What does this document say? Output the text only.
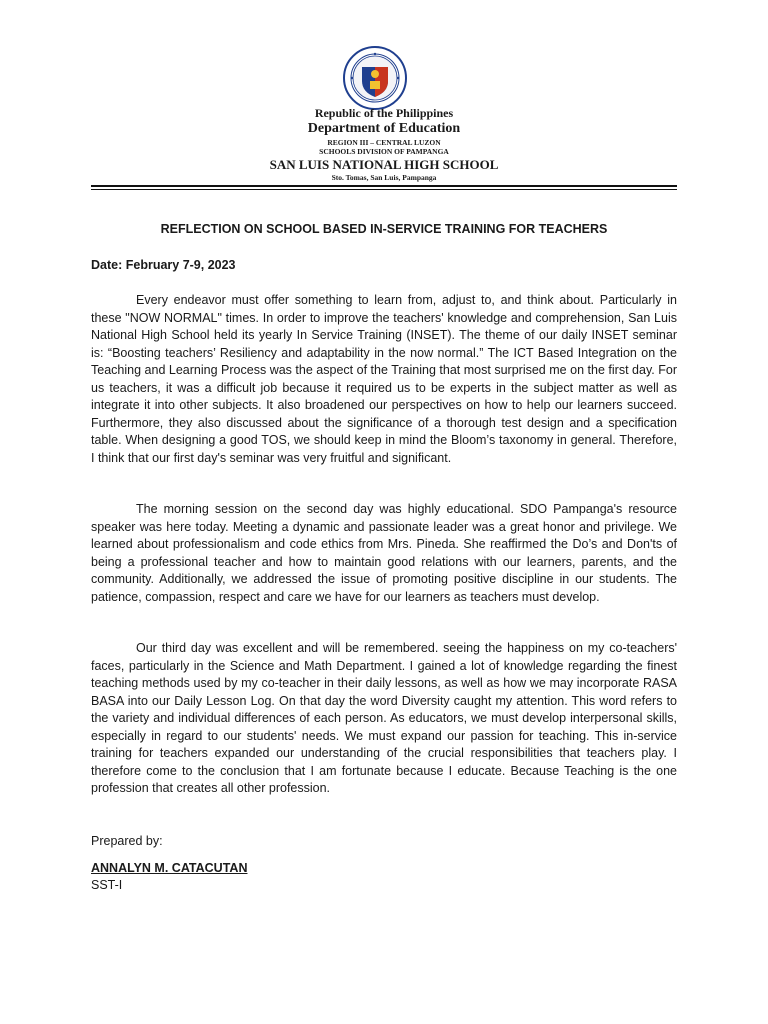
Republic of the Philippines
Department of Education
REGION III – CENTRAL LUZON
SCHOOLS DIVISION OF PAMPANGA
SAN LUIS NATIONAL HIGH SCHOOL
Sto. Tomas, San Luis, Pampanga
REFLECTION ON SCHOOL BASED IN-SERVICE TRAINING FOR TEACHERS
Date: February 7-9, 2023

Every endeavor must offer something to learn from, adjust to, and think about. Particularly in these "NOW NORMAL" times. In order to improve the teachers' knowledge and comprehension, San Luis National High School held its yearly In Service Training (INSET). The theme of our daily INSET seminar is: “Boosting teachers’ Resiliency and adaptability in the now normal.” The ICT Based Integration on the Teaching and Learning Process was the aspect of the Training that most surprised me on the first day. For us teachers, it was a difficult job because it required us to be experts in the subject matter as well as integrate it into other subjects. It also broadened our perspectives on how to help our learners succeed. Furthermore, they also discussed about the significance of a thorough test design and a specification table. When designing a good TOS, we should keep in mind the Bloom’s taxonomy in general. Therefore, I think that our first day's seminar was very fruitful and significant.

The morning session on the second day was highly educational. SDO Pampanga's resource speaker was here today. Meeting a dynamic and passionate leader was a great honor and privilege. We learned about professionalism and code ethics from Mrs. Pineda. She reaffirmed the Do’s and Don'ts of being a professional teacher and how to maintain good relations with our learners, parents, and the community. Additionally, we addressed the issue of promoting positive discipline in our students. The patience, compassion, respect and care we have for our learners as teachers must develop.

Our third day was excellent and will be remembered. seeing the happiness on my co-teachers' faces, particularly in the Science and Math Department. I gained a lot of knowledge regarding the finest teaching methods used by my co-teacher in their daily lessons, as well as how we may incorporate RASA BASA into our Daily Lesson Log. On that day the word Diversity caught my attention. This word refers to the variety and individual differences of each person. As educators, we must develop interpersonal skills, especially in regard to our students' needs. We must expand our passion for teaching. This in-service training for teachers expanded our understanding of the crucial responsibilities that teachers play. I therefore come to the conclusion that I am fortunate because I educate. Because Teaching is the one profession that creates all other profession.

Prepared by:
ANNALYN M. CATACUTAN
SST-I
